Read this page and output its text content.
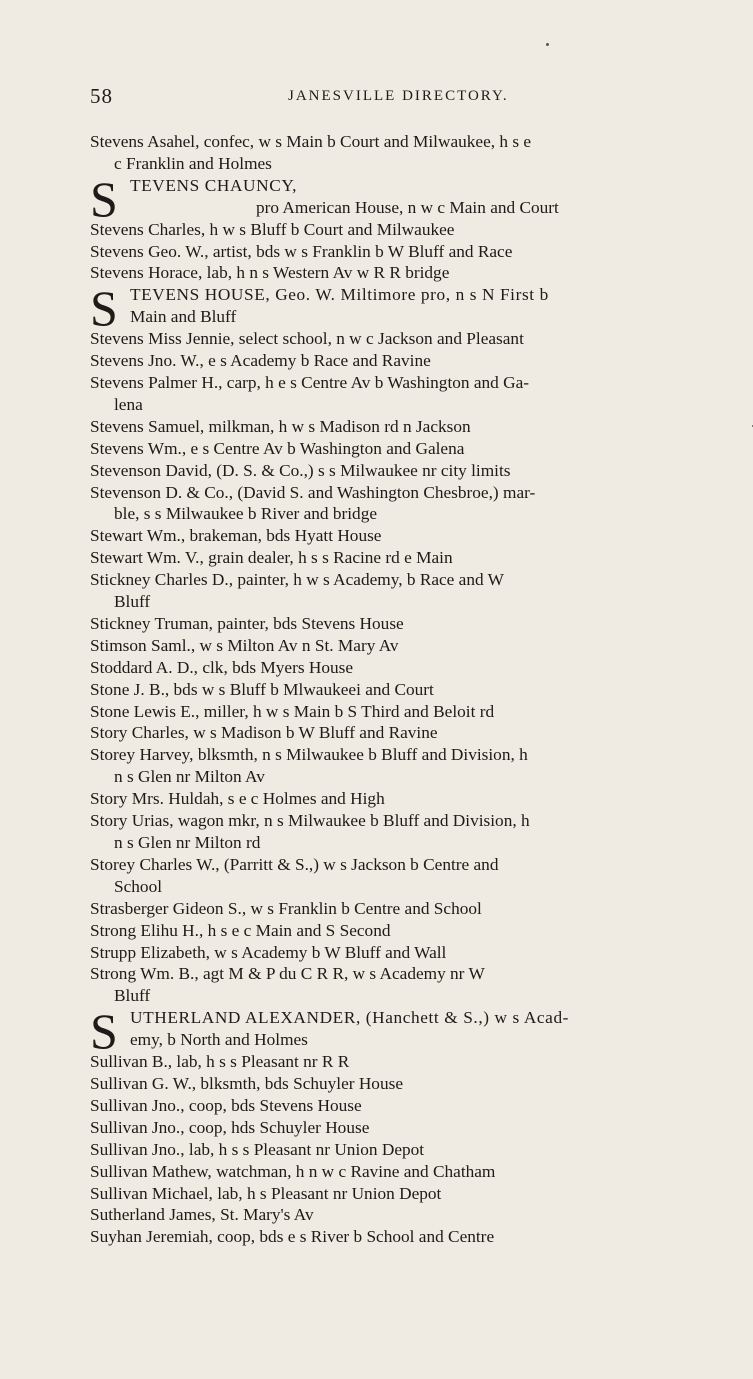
58	JANESVILLE DIRECTORY.
Stevens Asahel, confec, w s Main b Court and Milwaukee, h s e
c Franklin and Holmes
S TEVENS CHAUNCY,
pro American House, n w c Main and Court
Stevens Charles, h w s Bluff b Court and Milwaukee
Stevens Geo. W., artist, bds w s Franklin b W Bluff and Race
Stevens Horace, lab, h n s Western Av w R R bridge
S TEVENS HOUSE, Geo. W. Miltimore pro, n s N First b
Main and Bluff
Stevens Miss Jennie, select school, n w c Jackson and Pleasant
Stevens Jno. W., e s Academy b Race and Ravine
Stevens Palmer H., carp, h e s Centre Av b Washington and Ga-
lena
Stevens Samuel, milkman, h w s Madison rd n Jackson
Stevens Wm., e s Centre Av b Washington and Galena
Stevenson David, (D. S. & Co.,) s s Milwaukee nr city limits
Stevenson D. & Co., (David S. and Washington Chesbroe,) mar-
ble, s s Milwaukee b River and bridge
Stewart Wm., brakeman, bds Hyatt House
Stewart Wm. V., grain dealer, h s s Racine rd e Main
Stickney Charles D., painter, h w s Academy, b Race and W
Bluff
Stickney Truman, painter, bds Stevens House
Stimson Saml., w s Milton Av n St. Mary Av
Stoddard A. D., clk, bds Myers House
Stone J. B., bds w s Bluff b Mlwaukeei and Court
Stone Lewis E., miller, h w s Main b S Third and Beloit rd
Story Charles, w s Madison b W Bluff and Ravine
Storey Harvey, blksmth, n s Milwaukee b Bluff and Division, h
n s Glen nr Milton Av
Story Mrs. Huldah, s e c Holmes and High
Story Urias, wagon mkr, n s Milwaukee b Bluff and Division, h
n s Glen nr Milton rd
Storey Charles W., (Parritt & S.,) w s Jackson b Centre and
School
Strasberger Gideon S., w s Franklin b Centre and School
Strong Elihu H., h s e c Main and S Second
Strupp Elizabeth, w s Academy b W Bluff and Wall
Strong Wm. B., agt M & P du C R R, w s Academy nr W
Bluff
S UTHERLAND ALEXANDER, (Hanchett & S.,) w s Acad-
emy, b North and Holmes
Sullivan B., lab, h s s Pleasant nr R R
Sullivan G. W., blksmth, bds Schuyler House
Sullivan Jno., coop, bds Stevens House
Sullivan Jno., coop, hds Schuyler House
Sullivan Jno., lab, h s s Pleasant nr Union Depot
Sullivan Mathew, watchman, h n w c Ravine and Chatham
Sullivan Michael, lab, h s Pleasant nr Union Depot
Sutherland James, St. Mary's Av
Suyhan Jeremiah, coop, bds e s River b School and Centre
